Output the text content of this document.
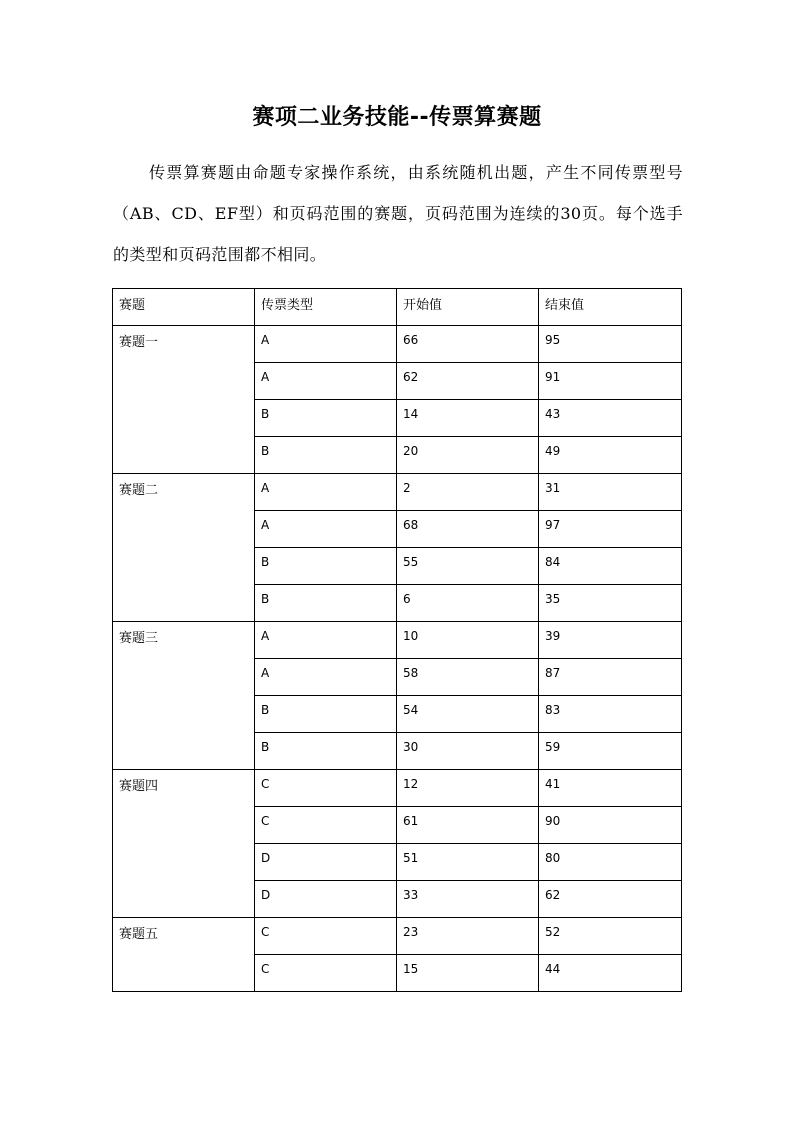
赛项二业务技能--传票算赛题

传票算赛题由命题专家操作系统，由系统随机出题，产生不同传票型号（AB、CD、EF型）和页码范围的赛题，页码范围为连续的30页。每个选手的类型和页码范围都不相同。

赛题	传票类型	开始值	结束值
赛题一	A	66	95
	A	62	91
	B	14	43
	B	20	49
赛题二	A	2	31
	A	68	97
	B	55	84
	B	6	35
赛题三	A	10	39
	A	58	87
	B	54	83
	B	30	59
赛题四	C	12	41
	C	61	90
	D	51	80
	D	33	62
赛题五	C	23	52
	C	15	44
